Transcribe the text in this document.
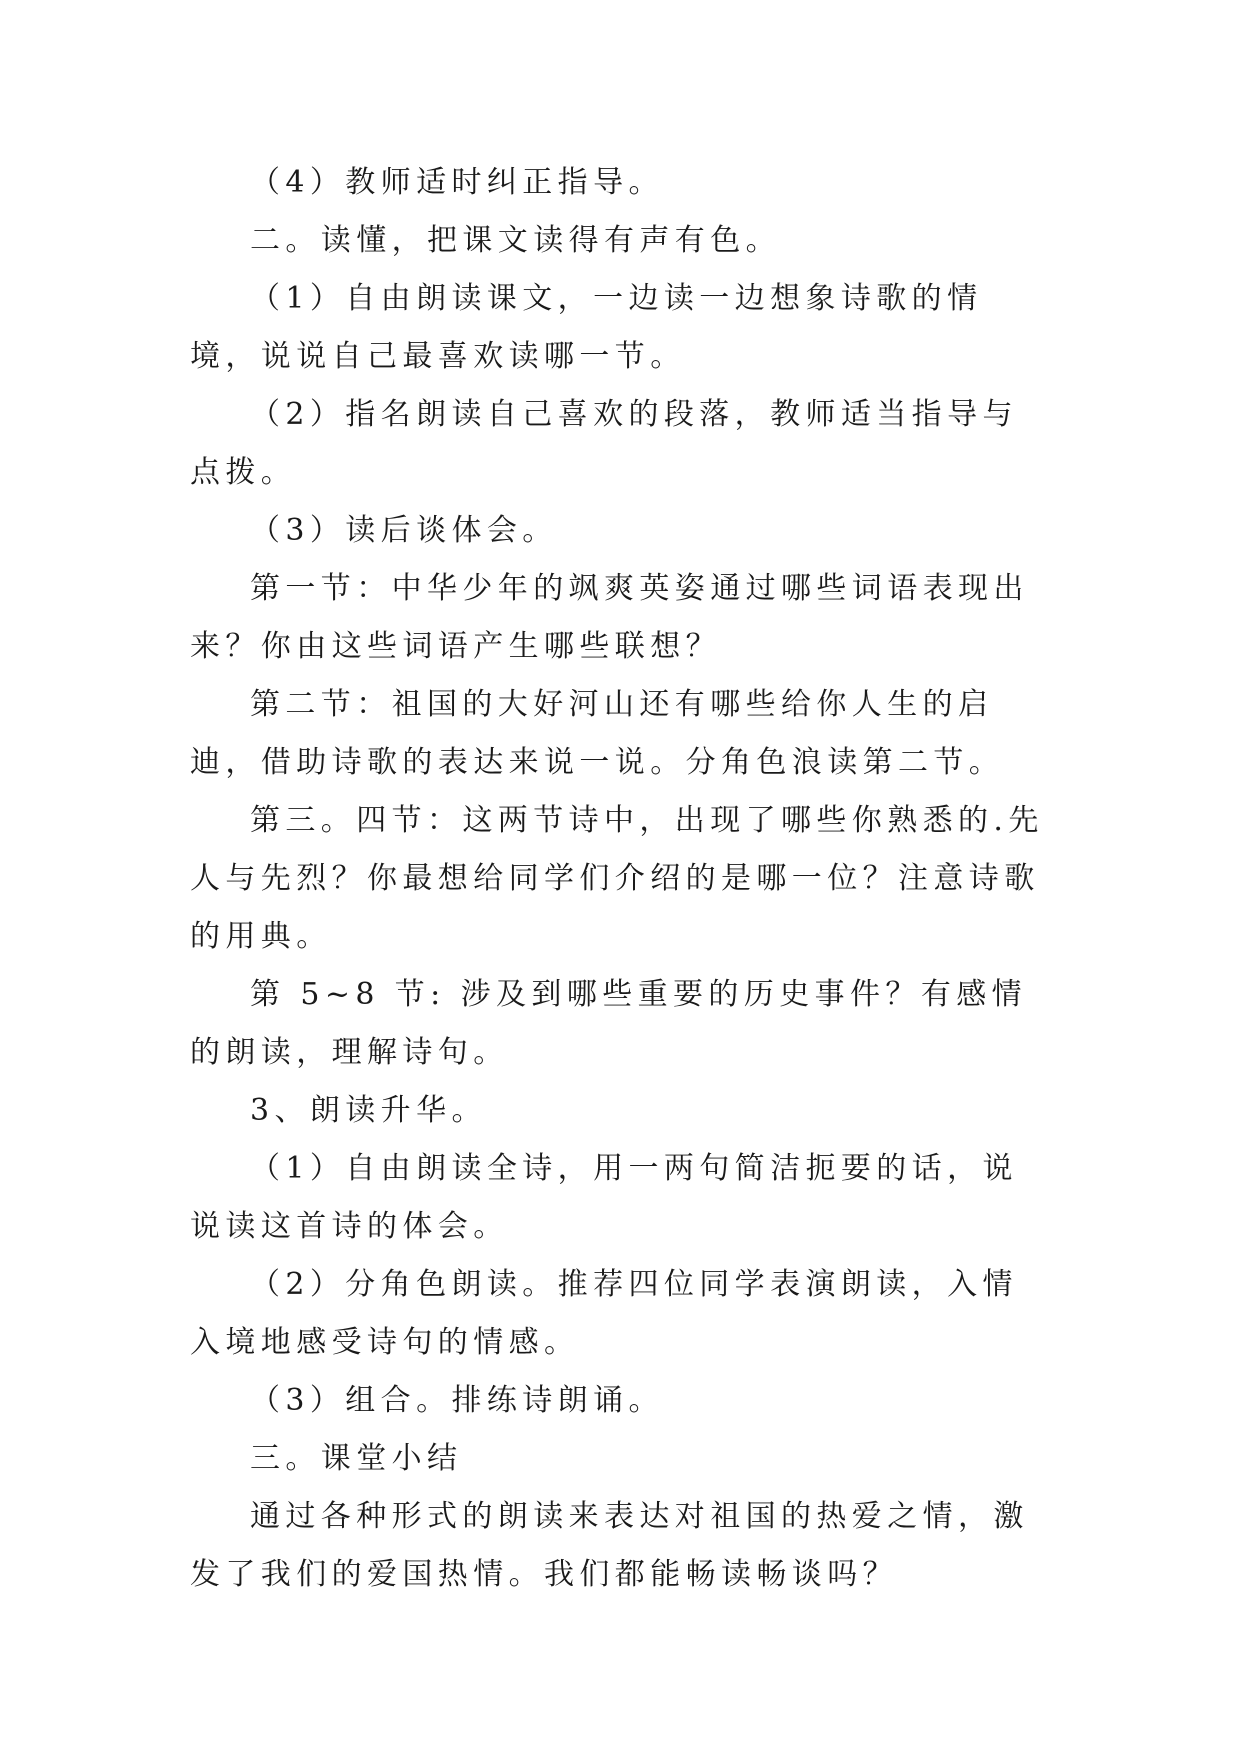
（4）教师适时纠正指导。

二。读懂，把课文读得有声有色。

（1）自由朗读课文，一边读一边想象诗歌的情境，说说自己最喜欢读哪一节。

（2）指名朗读自己喜欢的段落，教师适当指导与点拨。

（3）读后谈体会。

第一节：中华少年的飒爽英姿通过哪些词语表现出来？你由这些词语产生哪些联想？

第二节：祖国的大好河山还有哪些给你人生的启迪，借助诗歌的表达来说一说。分角色浪读第二节。

第三。四节：这两节诗中，出现了哪些你熟悉的.先人与先烈？你最想给同学们介绍的是哪一位？注意诗歌的用典。

第 5~8 节: 涉及到哪些重要的历史事件？有感情的朗读，理解诗句。

3、朗读升华。

（1）自由朗读全诗，用一两句简洁扼要的话，说说读这首诗的体会。

（2）分角色朗读。推荐四位同学表演朗读，入情入境地感受诗句的情感。

（3）组合。排练诗朗诵。

三。课堂小结

通过各种形式的朗读来表达对祖国的热爱之情，激发了我们的爱国热情。我们都能畅读畅谈吗？
